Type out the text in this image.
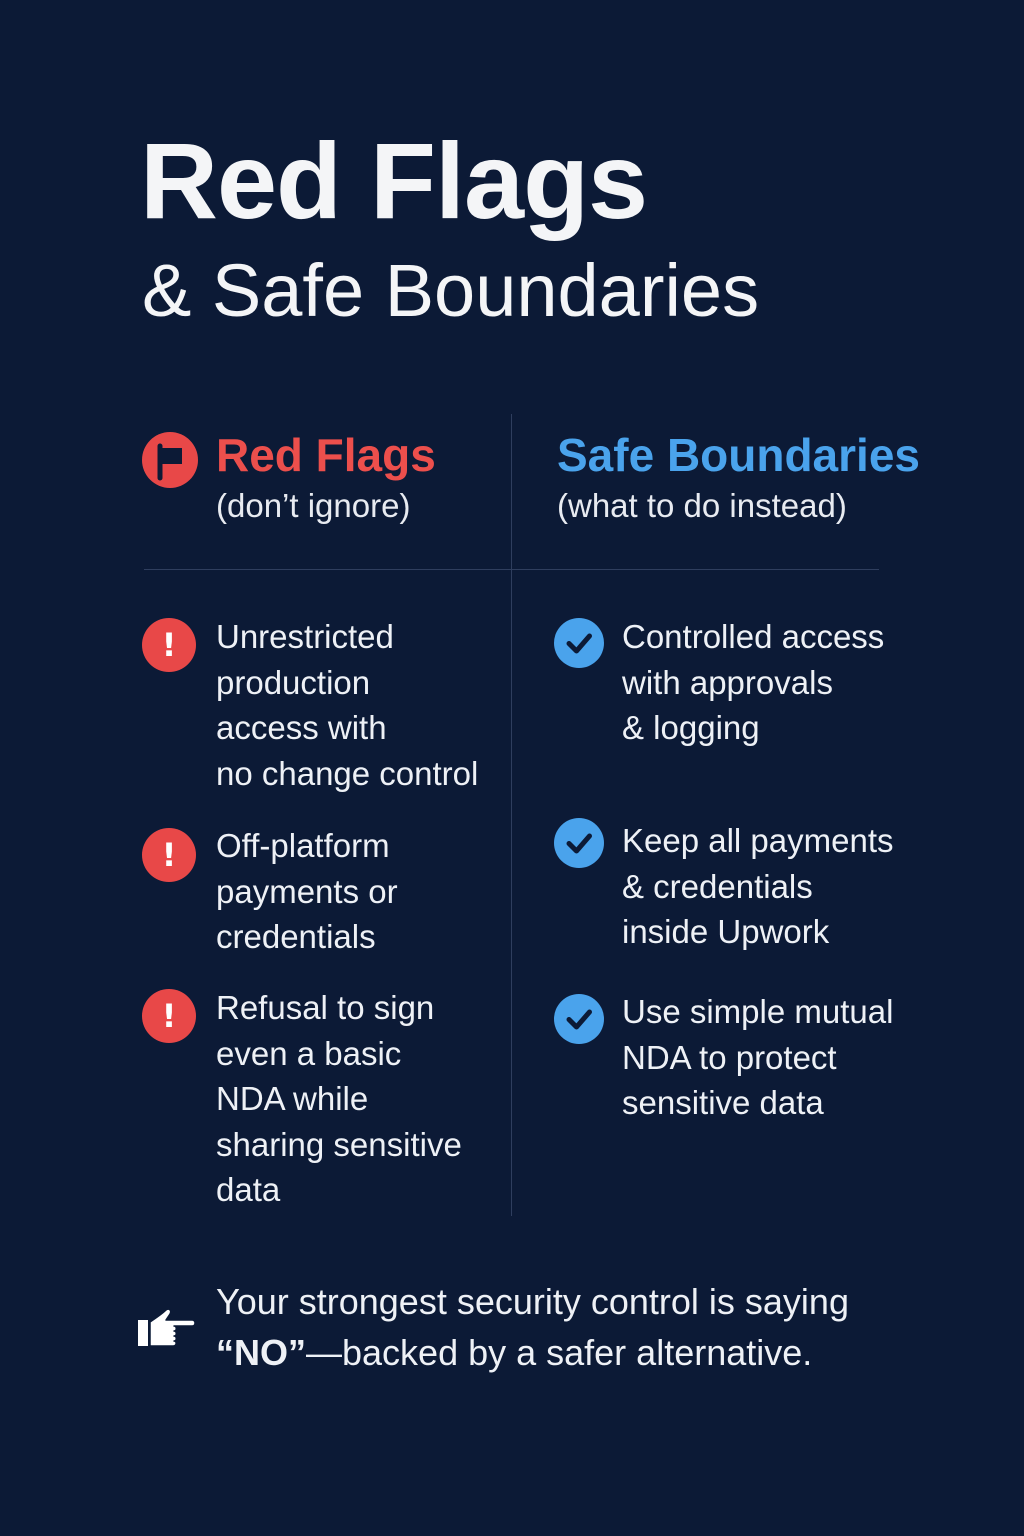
Red Flags
& Safe Boundaries
Red Flags
(don’t ignore)
Safe Boundaries
(what to do instead)
! Unrestricted
production
access with
no change control
! Off-platform
payments or
credentials
! Refusal to sign
even a basic
NDA while
sharing sensitive
data
Controlled access
with approvals
& logging
Keep all payments
& credentials
inside Upwork
Use simple mutual
NDA to protect
sensitive data
Your strongest security control is saying
“NO”—backed by a safer alternative.
